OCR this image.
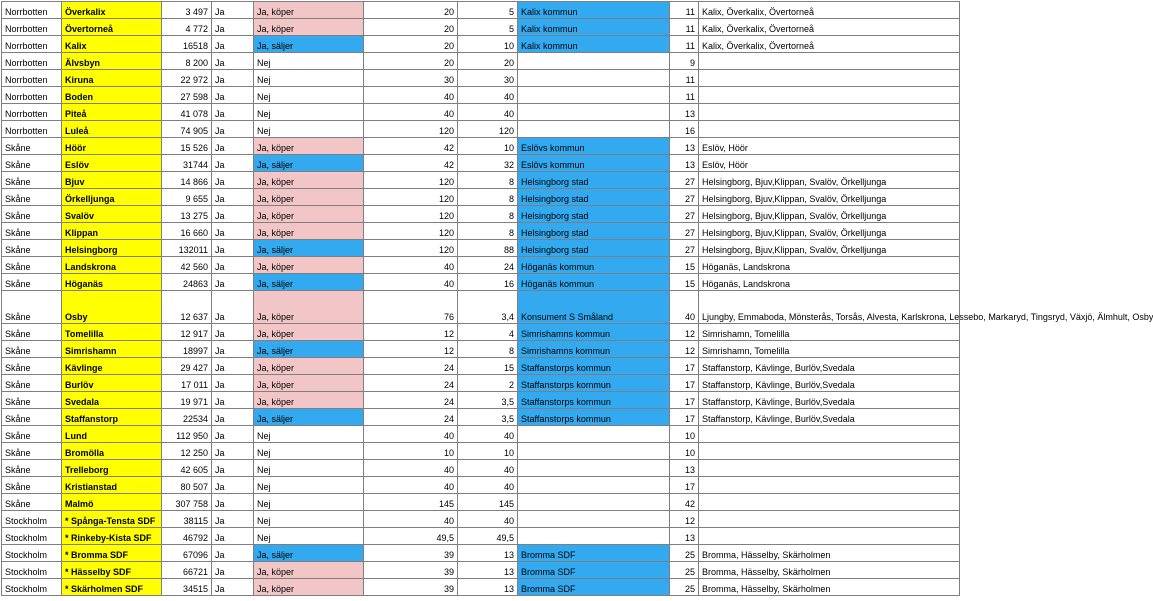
Norrbotten	Överkalix	3 497	Ja	Ja, köper	20	5	Kalix kommun	11	Kalix, Överkalix, Övertorneå
Norrbotten	Övertorneå	4 772	Ja	Ja, köper	20	5	Kalix kommun	11	Kalix, Överkalix, Övertorneå
Norrbotten	Kalix	16518	Ja	Ja, säljer	20	10	Kalix kommun	11	Kalix, Överkalix, Övertorneå
Norrbotten	Älvsbyn	8 200	Ja	Nej	20	20		9	
Norrbotten	Kiruna	22 972	Ja	Nej	30	30		11	
Norrbotten	Boden	27 598	Ja	Nej	40	40		11	
Norrbotten	Piteå	41 078	Ja	Nej	40	40		13	
Norrbotten	Luleå	74 905	Ja	Nej	120	120		16	
Skåne	Höör	15 526	Ja	Ja, köper	42	10	Eslövs kommun	13	Eslöv, Höör
Skåne	Eslöv	31744	Ja	Ja, säljer	42	32	Eslövs kommun	13	Eslöv, Höör
Skåne	Bjuv	14 866	Ja	Ja, köper	120	8	Helsingborg stad	27	Helsingborg, Bjuv,Klippan, Svalöv, Örkelljunga
Skåne	Örkelljunga	9 655	Ja	Ja, köper	120	8	Helsingborg stad	27	Helsingborg, Bjuv,Klippan, Svalöv, Örkelljunga
Skåne	Svalöv	13 275	Ja	Ja, köper	120	8	Helsingborg stad	27	Helsingborg, Bjuv,Klippan, Svalöv, Örkelljunga
Skåne	Klippan	16 660	Ja	Ja, köper	120	8	Helsingborg stad	27	Helsingborg, Bjuv,Klippan, Svalöv, Örkelljunga
Skåne	Helsingborg	132011	Ja	Ja, säljer	120	88	Helsingborg stad	27	Helsingborg, Bjuv,Klippan, Svalöv, Örkelljunga
Skåne	Landskrona	42 560	Ja	Ja, köper	40	24	Höganäs kommun	15	Höganäs, Landskrona
Skåne	Höganäs	24863	Ja	Ja, säljer	40	16	Höganäs kommun	15	Höganäs, Landskrona
Skåne	Osby	12 637	Ja	Ja, köper	76	3,4	Konsument S Småland	40	Ljungby, Emmaboda, Mönsterås, Torsås, Alvesta, Karlskrona, Lessebo, Markaryd, Tingsryd, Växjö, Älmhult, Osby
Skåne	Tomelilla	12 917	Ja	Ja, köper	12	4	Simrishamns kommun	12	Simrishamn, Tomelilla
Skåne	Simrishamn	18997	Ja	Ja, säljer	12	8	Simrishamns kommun	12	Simrishamn, Tomelilla
Skåne	Kävlinge	29 427	Ja	Ja, köper	24	15	Staffanstorps kommun	17	Staffanstorp, Kävlinge, Burlöv,Svedala
Skåne	Burlöv	17 011	Ja	Ja, köper	24	2	Staffanstorps kommun	17	Staffanstorp, Kävlinge, Burlöv,Svedala
Skåne	Svedala	19 971	Ja	Ja, köper	24	3,5	Staffanstorps kommun	17	Staffanstorp, Kävlinge, Burlöv,Svedala
Skåne	Staffanstorp	22534	Ja	Ja, säljer	24	3,5	Staffanstorps kommun	17	Staffanstorp, Kävlinge, Burlöv,Svedala
Skåne	Lund	112 950	Ja	Nej	40	40		10	
Skåne	Bromölla	12 250	Ja	Nej	10	10		10	
Skåne	Trelleborg	42 605	Ja	Nej	40	40		13	
Skåne	Kristianstad	80 507	Ja	Nej	40	40		17	
Skåne	Malmö	307 758	Ja	Nej	145	145		42	
Stockholm	* Spånga-Tensta SDF	38115	Ja	Nej	40	40		12	
Stockholm	* Rinkeby-Kista SDF	46792	Ja	Nej	49,5	49,5		13	
Stockholm	* Bromma SDF	67096	Ja	Ja, säljer	39	13	Bromma SDF	25	Bromma, Hässelby, Skärholmen
Stockholm	* Hässelby SDF	66721	Ja	Ja, köper	39	13	Bromma SDF	25	Bromma, Hässelby, Skärholmen
Stockholm	* Skärholmen SDF	34515	Ja	Ja, köper	39	13	Bromma SDF	25	Bromma, Hässelby, Skärholmen
